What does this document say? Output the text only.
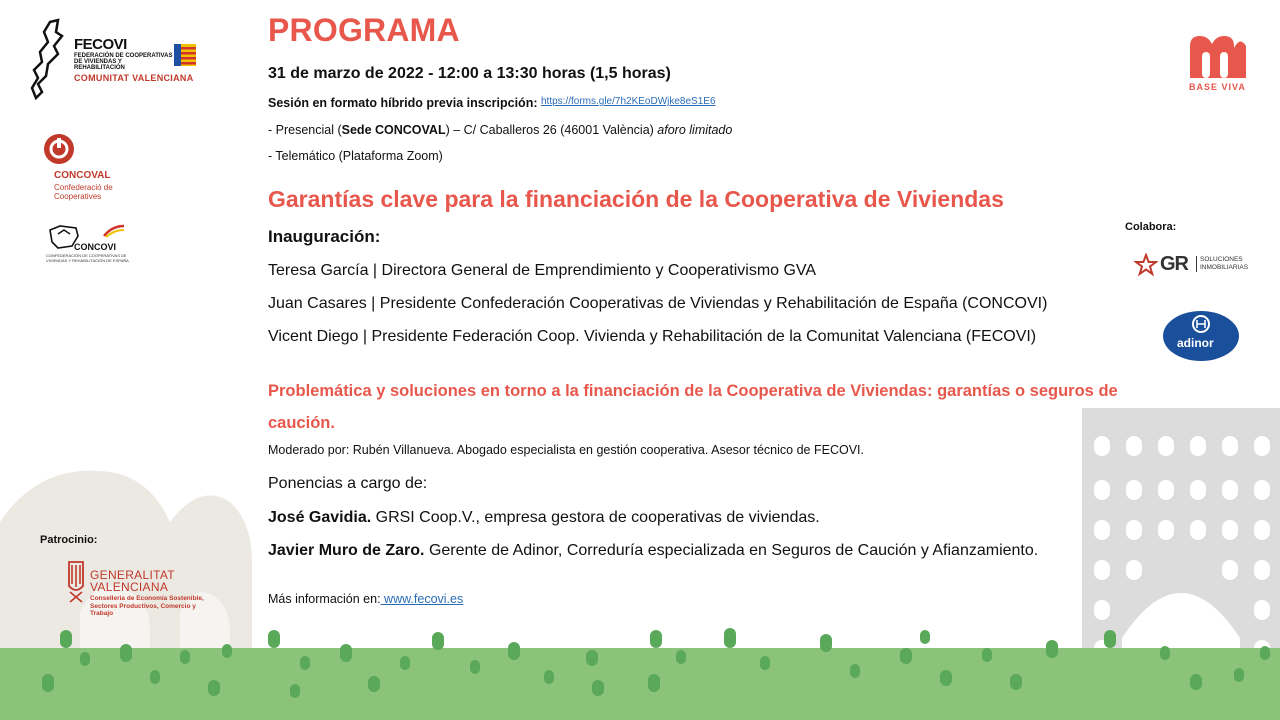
FECOVI
FEDERACIÓN DE COOPERATIVAS DE VIVIENDAS Y REHABILITACIÓN
COMUNITAT VALENCIANA
CONCOVAL
Confederació de Cooperatives
CONCOVI
CONFEDERACIÓN DE COOPERATIVAS DE VIVIENDAS Y REHABILITACIÓN DE ESPAÑA
Patrocinio:
GENERALITAT VALENCIANA
Conselleria de Economía Sostenible, Sectores Productivos, Comercio y Trabajo
BASE VIVA
Colabora:
GR	SOLUCIONES INMOBILIARIAS
adinor
PROGRAMA
31 de marzo de 2022 - 12:00 a 13:30 horas (1,5 horas)
Sesión en formato híbrido previa inscripción: $^{https://forms.gle/7h2KEoDWjke8eS1E6}$
- Presencial (Sede CONCOVAL) – C/ Caballeros 26 (46001 València) aforo limitado
- Telemático (Plataforma Zoom)
Garantías clave para la financiación de la Cooperativa de Viviendas
Inauguración:
Teresa García | Directora General de Emprendimiento y Cooperativismo GVA
Juan Casares | Presidente Confederación Cooperativas de Viviendas y Rehabilitación de España (CONCOVI)
Vicent Diego | Presidente Federación Coop. Vivienda y Rehabilitación de la Comunitat Valenciana (FECOVI)
Problemática y soluciones en torno a la financiación de la Cooperativa de Viviendas: garantías o seguros de caución.
Moderado por: Rubén Villanueva. Abogado especialista en gestión cooperativa. Asesor técnico de FECOVI.
Ponencias a cargo de:
José Gavidia. GRSI Coop.V., empresa gestora de cooperativas de viviendas.
Javier Muro de Zaro. Gerente de Adinor, Correduría especializada en Seguros de Caución y Afianzamiento.
Más información en: www.fecovi.es
